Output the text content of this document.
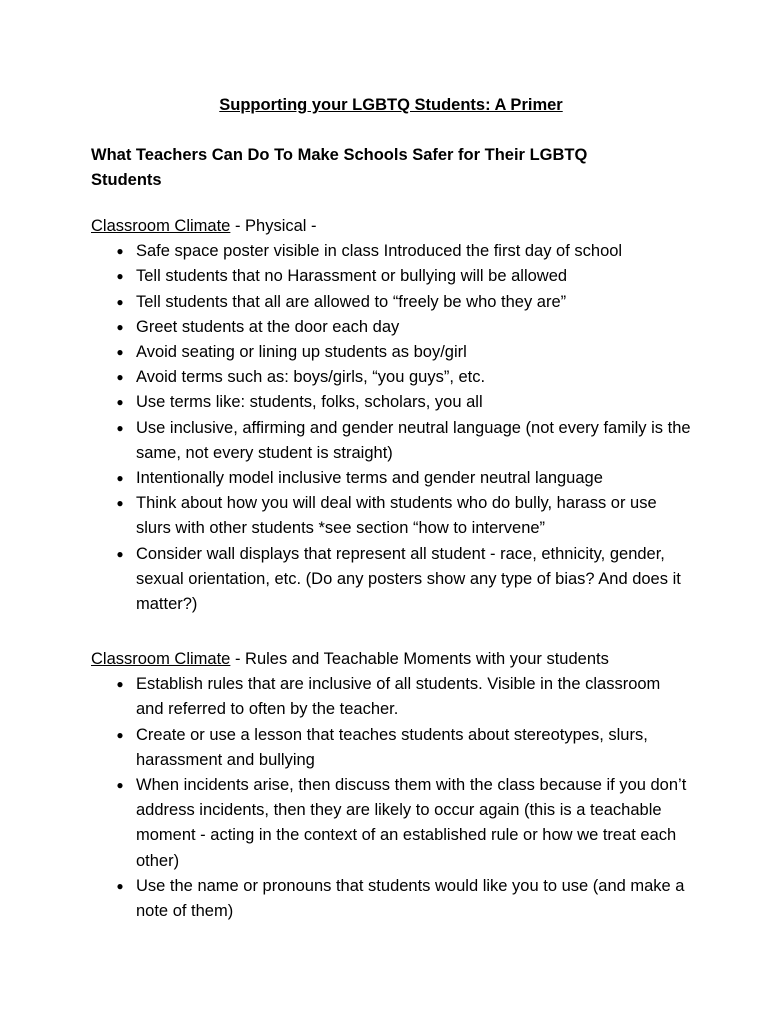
Supporting your LGBTQ Students: A Primer
What Teachers Can Do To Make Schools Safer for Their LGBTQ Students

Classroom Climate - Physical -

● Safe space poster visible in class Introduced the first day of school
● Tell students that no Harassment or bullying will be allowed
● Tell students that all are allowed to “freely be who they are”
● Greet students at the door each day
● Avoid seating or lining up students as boy/girl
● Avoid terms such as: boys/girls, “you guys”, etc.
● Use terms like: students, folks, scholars, you all
● Use inclusive, affirming and gender neutral language (not every family is the same, not every student is straight)
● Intentionally model inclusive terms and gender neutral language
● Think about how you will deal with students who do bully, harass or use slurs with other students *see section “how to intervene”
● Consider wall displays that represent all student - race, ethnicity, gender, sexual orientation, etc. (Do any posters show any type of bias? And does it matter?)

Classroom Climate - Rules and Teachable Moments with your students

● Establish rules that are inclusive of all students. Visible in the classroom and referred to often by the teacher.
● Create or use a lesson that teaches students about stereotypes, slurs, harassment and bullying
● When incidents arise, then discuss them with the class because if you don’t address incidents, then they are likely to occur again (this is a teachable moment - acting in the context of an established rule or how we treat each other)
● Use the name or pronouns that students would like you to use (and make a note of them)
